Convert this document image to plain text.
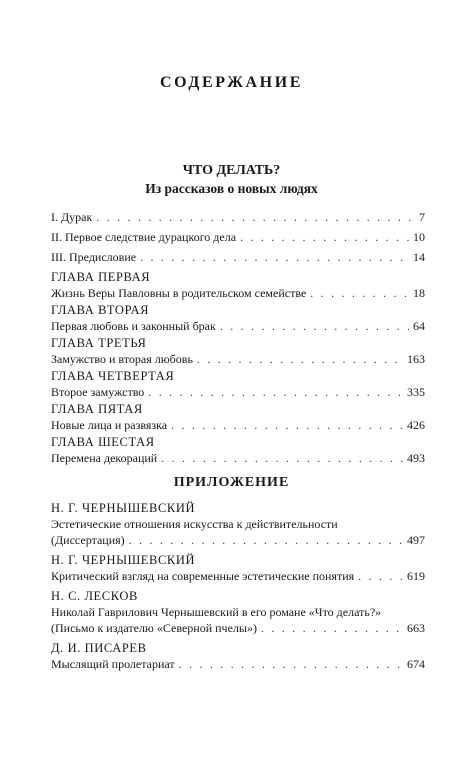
СОДЕРЖАНИЕ
ЧТО ДЕЛАТЬ?
Из рассказов о новых людях
I. Дурак . . .	7
II. Первое следствие дурацкого дела . . .	10
III. Предисловие . . .	14
ГЛАВА ПЕРВАЯ
Жизнь Веры Павловны в родительском семействе . . .	18
ГЛАВА ВТОРАЯ
Первая любовь и законный брак . . .	64
ГЛАВА ТРЕТЬЯ
Замужство и вторая любовь . . .	163
ГЛАВА ЧЕТВЕРТАЯ
Второе замужство . . .	335
ГЛАВА ПЯТАЯ
Новые лица и развязка . . .	426
ГЛАВА ШЕСТАЯ
Перемена декораций . . .	493
ПРИЛОЖЕНИЕ
Н. Г. ЧЕРНЫШЕВСКИЙ
Эстетические отношения искусства к действительности
(Диссертация) . . .	497
Н. Г. ЧЕРНЫШЕВСКИЙ
Критический взгляд на современные эстетические понятия . . .	619
Н. С. ЛЕСКОВ
Николай Гаврилович Чернышевский в его романе «Что делать?»
(Письмо к издателю «Северной пчелы») . . .	663
Д. И. ПИСАРЕВ
Мыслящий пролетариат . . .	674
